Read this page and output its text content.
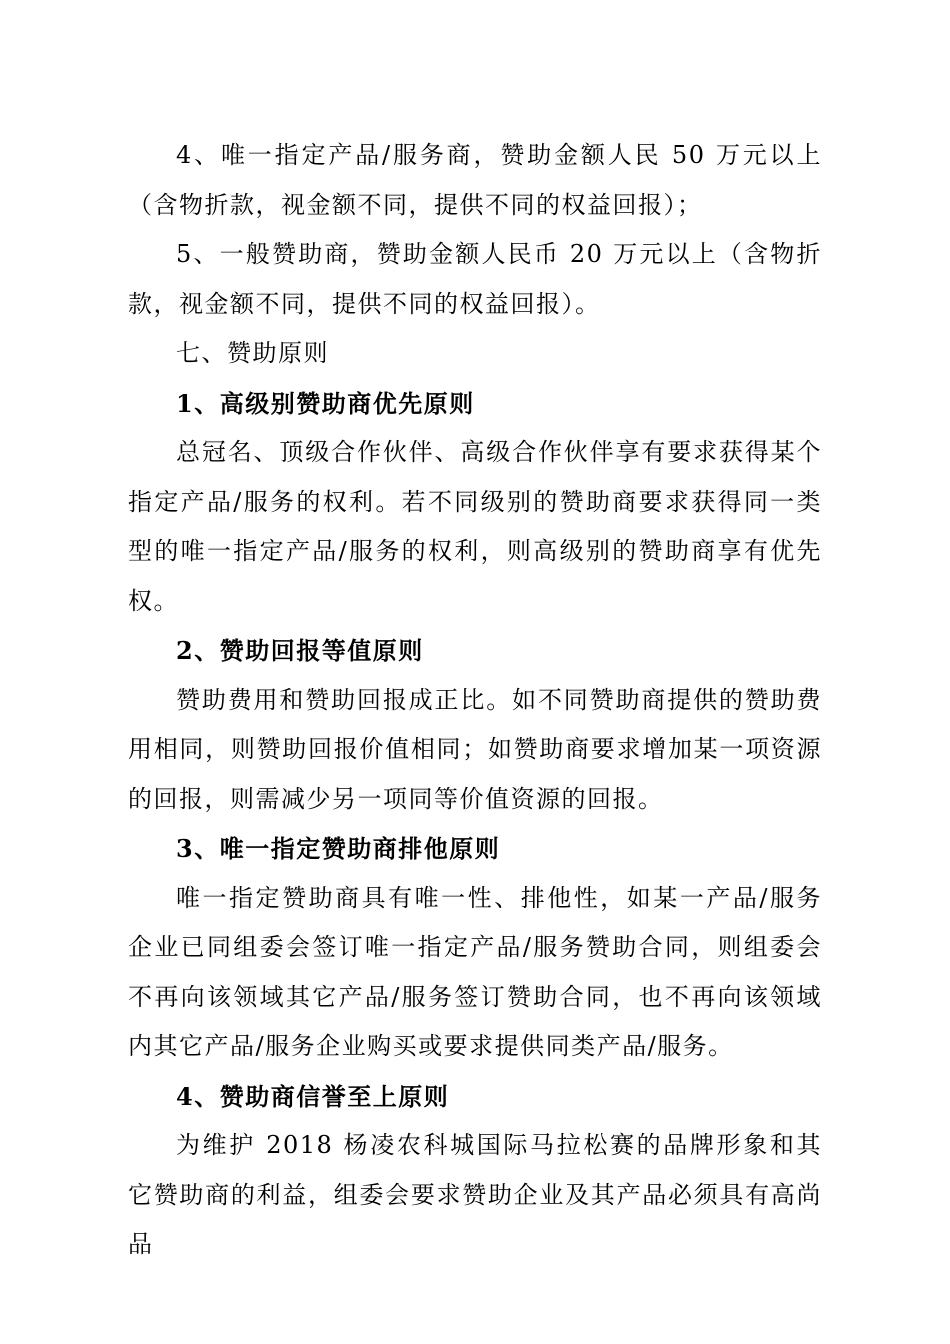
4、唯一指定产品/服务商，赞助金额人民 50 万元以上（含物折款，视金额不同，提供不同的权益回报）；

5、一般赞助商，赞助金额人民币 20 万元以上（含物折款，视金额不同，提供不同的权益回报）。

七、赞助原则

1、高级别赞助商优先原则

总冠名、顶级合作伙伴、高级合作伙伴享有要求获得某个指定产品/服务的权利。若不同级别的赞助商要求获得同一类型的唯一指定产品/服务的权利，则高级别的赞助商享有优先权。

2、赞助回报等值原则

赞助费用和赞助回报成正比。如不同赞助商提供的赞助费用相同，则赞助回报价值相同；如赞助商要求增加某一项资源的回报，则需减少另一项同等价值资源的回报。

3、唯一指定赞助商排他原则

唯一指定赞助商具有唯一性、排他性，如某一产品/服务企业已同组委会签订唯一指定产品/服务赞助合同，则组委会不再向该领域其它产品/服务签订赞助合同，也不再向该领域内其它产品/服务企业购买或要求提供同类产品/服务。

4、赞助商信誉至上原则

为维护 2018 杨凌农科城国际马拉松赛的品牌形象和其它赞助商的利益，组委会要求赞助企业及其产品必须具有高尚品
